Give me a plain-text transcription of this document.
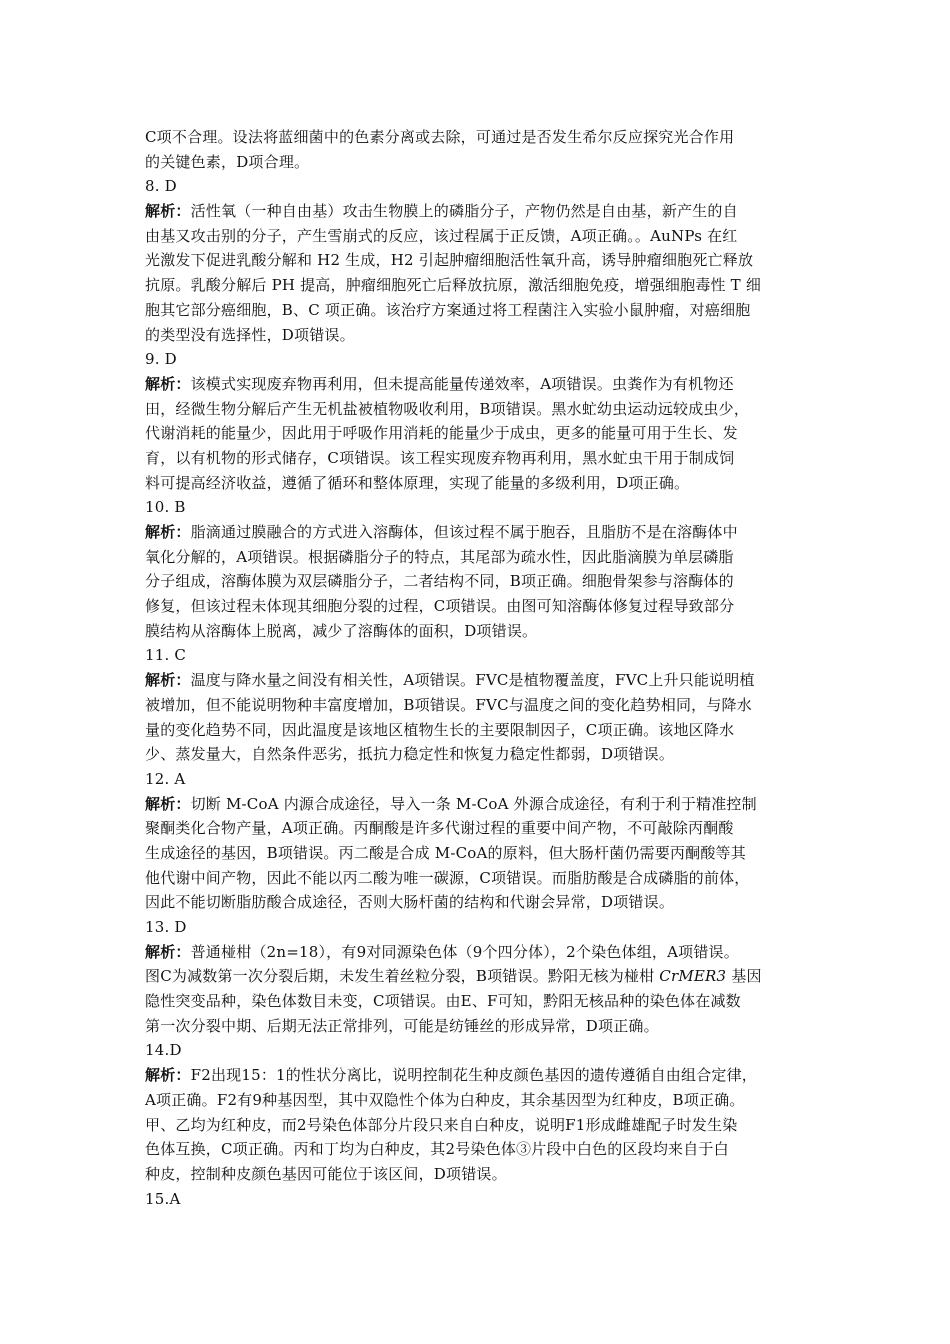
C项不合理。设法将蓝细菌中的色素分离或去除，可通过是否发生希尔反应探究光合作用
的关键色素，D项合理。
8. D
解析：活性氧（一种自由基）攻击生物膜上的磷脂分子，产物仍然是自由基，新产生的自
由基又攻击别的分子，产生雪崩式的反应，该过程属于正反馈，A项正确。。AuNPs 在红
光激发下促进乳酸分解和 H2 生成，H2 引起肿瘤细胞活性氧升高，诱导肿瘤细胞死亡释放
抗原。乳酸分解后 PH 提高，肿瘤细胞死亡后释放抗原，激活细胞免疫，增强细胞毒性 T 细
胞其它部分癌细胞，B、C 项正确。该治疗方案通过将工程菌注入实验小鼠肿瘤，对癌细胞
的类型没有选择性，D项错误。
9. D
解析：该模式实现废弃物再利用，但未提高能量传递效率，A项错误。虫粪作为有机物还
田，经微生物分解后产生无机盐被植物吸收利用，B项错误。黑水虻幼虫运动远较成虫少，
代谢消耗的能量少，因此用于呼吸作用消耗的能量少于成虫，更多的能量可用于生长、发
育，以有机物的形式储存，C项错误。该工程实现废弃物再利用，黑水虻虫干用于制成饲
料可提高经济收益，遵循了循环和整体原理，实现了能量的多级利用，D项正确。
10. B
解析：脂滴通过膜融合的方式进入溶酶体，但该过程不属于胞吞，且脂肪不是在溶酶体中
氧化分解的，A项错误。根据磷脂分子的特点，其尾部为疏水性，因此脂滴膜为单层磷脂
分子组成，溶酶体膜为双层磷脂分子，二者结构不同，B项正确。细胞骨架参与溶酶体的
修复，但该过程未体现其细胞分裂的过程，C项错误。由图可知溶酶体修复过程导致部分
膜结构从溶酶体上脱离，减少了溶酶体的面积，D项错误。
11. C
解析：温度与降水量之间没有相关性，A项错误。FVC是植物覆盖度，FVC上升只能说明植
被增加，但不能说明物种丰富度增加，B项错误。FVC与温度之间的变化趋势相同，与降水
量的变化趋势不同，因此温度是该地区植物生长的主要限制因子，C项正确。该地区降水
少、蒸发量大，自然条件恶劣，抵抗力稳定性和恢复力稳定性都弱，D项错误。
12. A
解析：切断 M-CoA 内源合成途径，导入一条 M-CoA 外源合成途径，有利于利于精准控制
聚酮类化合物产量，A项正确。丙酮酸是许多代谢过程的重要中间产物，不可敲除丙酮酸
生成途径的基因，B项错误。丙二酸是合成 M-CoA的原料，但大肠杆菌仍需要丙酮酸等其
他代谢中间产物，因此不能以丙二酸为唯一碳源，C项错误。而脂肪酸是合成磷脂的前体，
因此不能切断脂肪酸合成途径，否则大肠杆菌的结构和代谢会异常，D项错误。
13. D
解析：普通椪柑（2n=18），有9对同源染色体（9个四分体），2个染色体组，A项错误。
图C为减数第一次分裂后期，未发生着丝粒分裂，B项错误。黔阳无核为椪柑 CrMER3 基因
隐性突变品种，染色体数目未变，C项错误。由E、F可知，黔阳无核品种的染色体在减数
第一次分裂中期、后期无法正常排列，可能是纺锤丝的形成异常，D项正确。
14.D
解析：F2出现15：1的性状分离比，说明控制花生种皮颜色基因的遗传遵循自由组合定律，
A项正确。F2有9种基因型，其中双隐性个体为白种皮，其余基因型为红种皮，B项正确。
甲、乙均为红种皮，而2号染色体部分片段只来自白种皮，说明F1形成雌雄配子时发生染
色体互换，C项正确。丙和丁均为白种皮，其2号染色体③片段中白色的区段均来自于白
种皮，控制种皮颜色基因可能位于该区间，D项错误。
15.A
